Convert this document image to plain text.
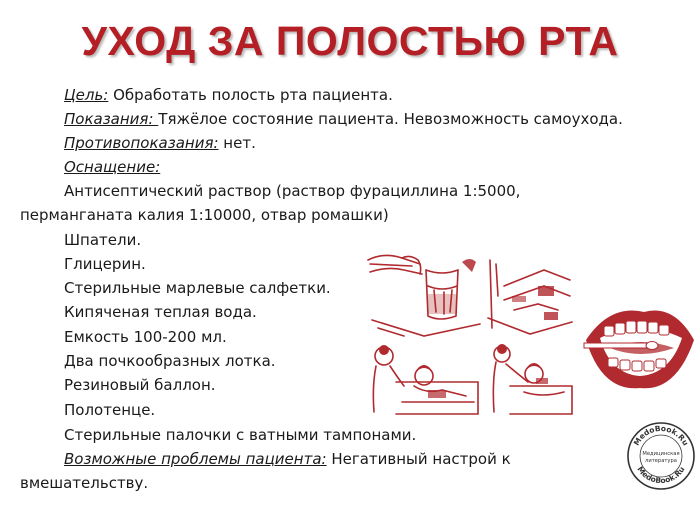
УХОД ЗА ПОЛОСТЬЮ РТА
Цель: Обработать полость рта пациента.
Показания: Тяжёлое состояние пациента. Невозможность самоухода.
Противопоказания: нет.
Оснащение:
Антисептический раствор (раствор фурациллина 1:5000,
перманганата калия 1:10000, отвар ромашки)
Шпатели.
Глицерин.
Стерильные марлевые салфетки.
Кипяченая теплая вода.
Емкость 100-200 мл.
Два почкообразных лотка.
Резиновый баллон.
Полотенце.
Стерильные палочки с ватными тампонами.
Возможные проблемы пациента: Негативный настрой к
вмешательству.
MedoBook.Ru
MedoBook.Ru
Медицинская
литература
